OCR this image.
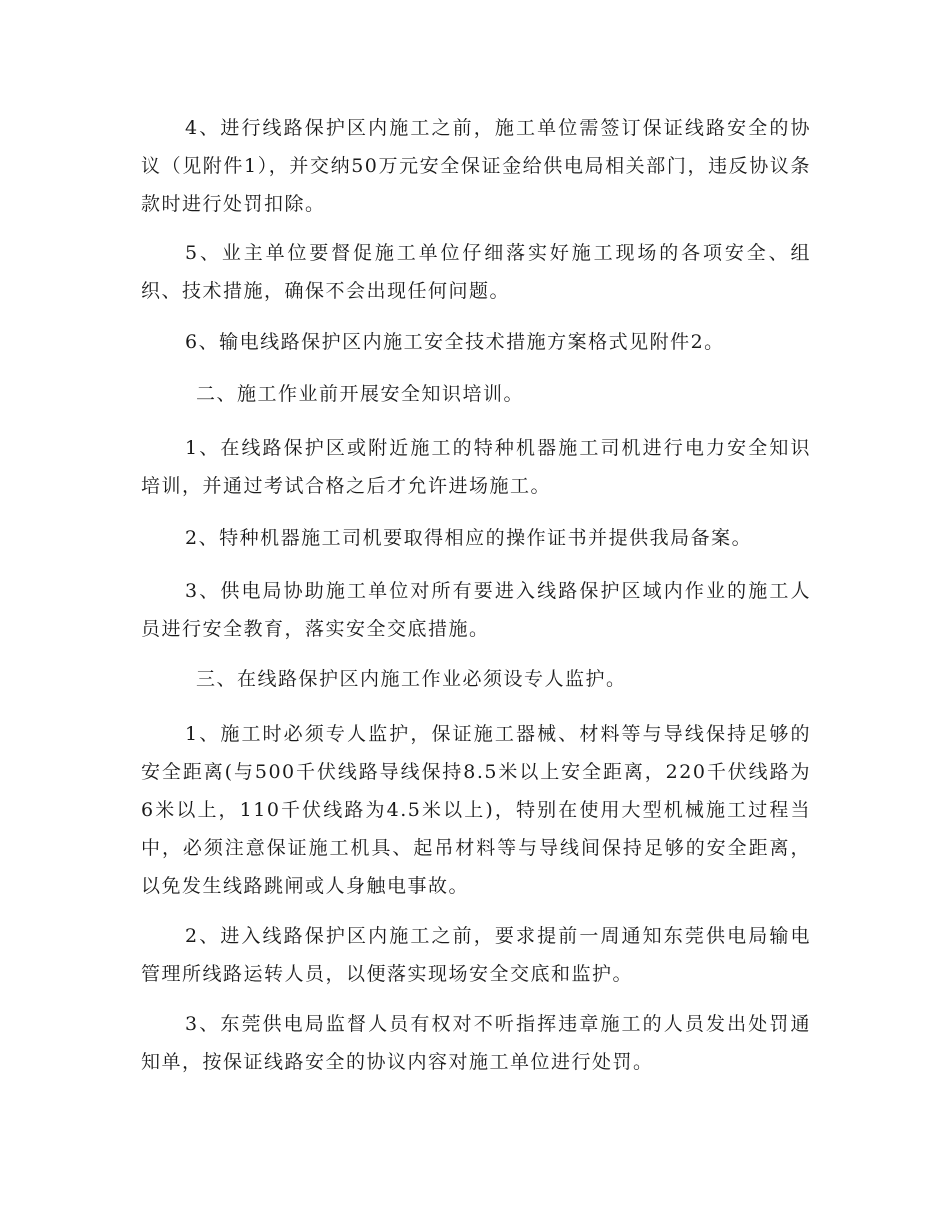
4、进行线路保护区内施工之前，施工单位需签订保证线路安全的协议（见附件1），并交纳50万元安全保证金给供电局相关部门，违反协议条款时进行处罚扣除。

5、业主单位要督促施工单位仔细落实好施工现场的各项安全、组织、技术措施，确保不会出现任何问题。

6、输电线路保护区内施工安全技术措施方案格式见附件2。

二、施工作业前开展安全知识培训。

1、在线路保护区或附近施工的特种机器施工司机进行电力安全知识培训，并通过考试合格之后才允许进场施工。

2、特种机器施工司机要取得相应的操作证书并提供我局备案。

3、供电局协助施工单位对所有要进入线路保护区域内作业的施工人员进行安全教育，落实安全交底措施。

三、在线路保护区内施工作业必须设专人监护。

1、施工时必须专人监护，保证施工器械、材料等与导线保持足够的安全距离(与500千伏线路导线保持8.5米以上安全距离，220千伏线路为6米以上，110千伏线路为4.5米以上)，特别在使用大型机械施工过程当中，必须注意保证施工机具、起吊材料等与导线间保持足够的安全距离，以免发生线路跳闸或人身触电事故。

2、进入线路保护区内施工之前，要求提前一周通知东莞供电局输电管理所线路运转人员，以便落实现场安全交底和监护。

3、东莞供电局监督人员有权对不听指挥违章施工的人员发出处罚通知单，按保证线路安全的协议内容对施工单位进行处罚。
